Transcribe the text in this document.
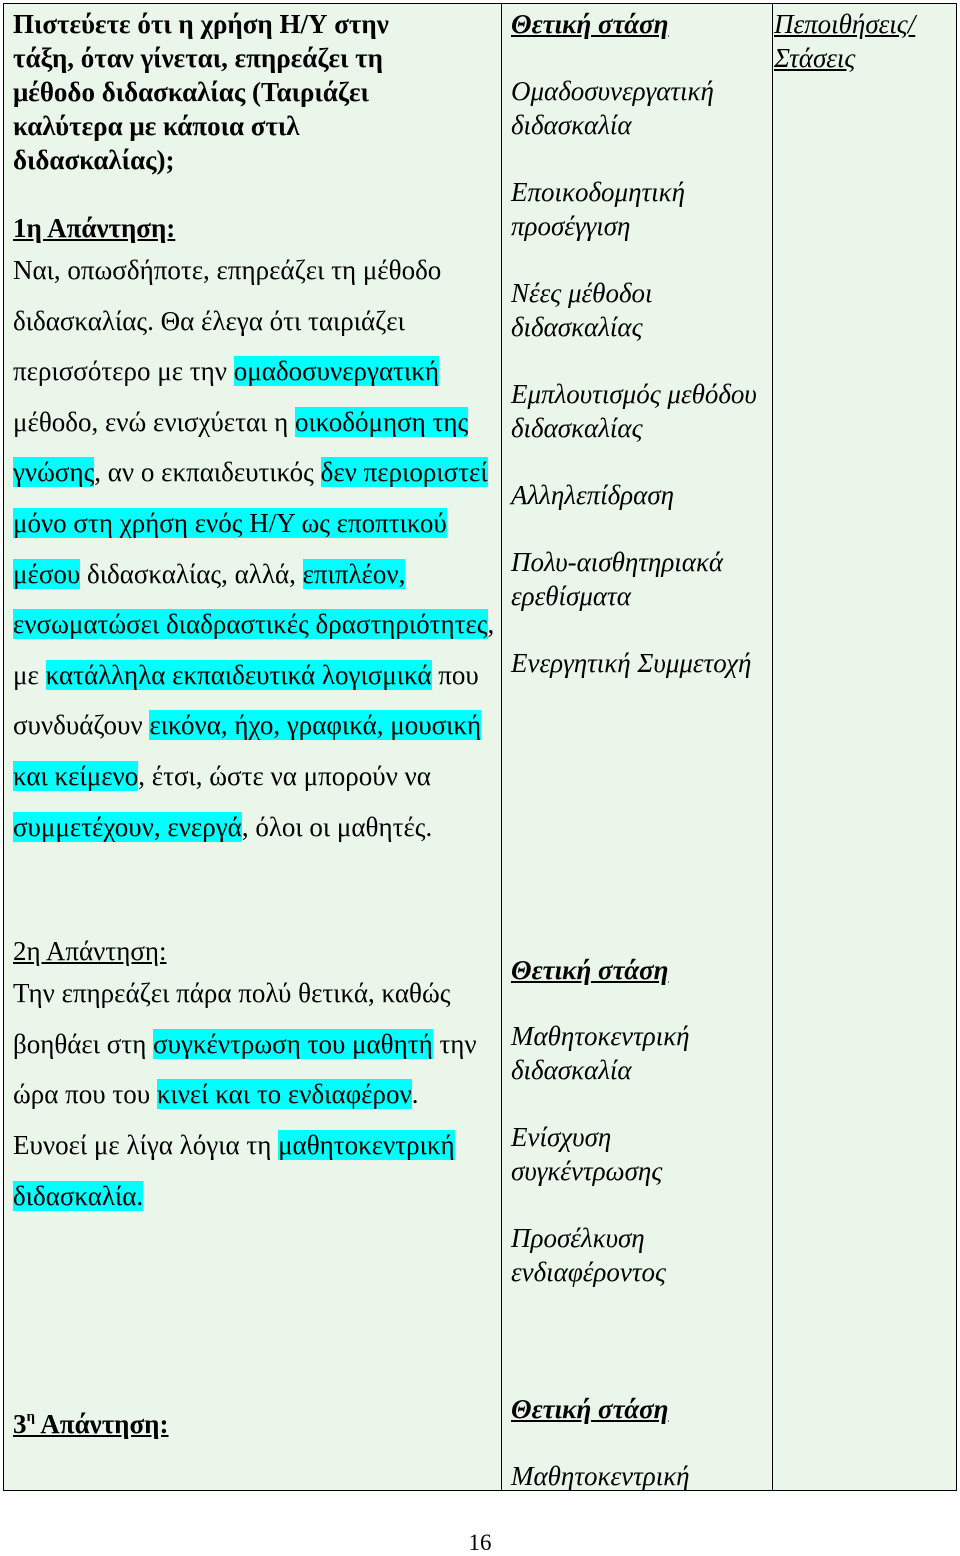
Πιστεύετε ότι η χρήση Η/Υ στην τάξη, όταν γίνεται, επηρεάζει τη μέθοδο διδασκαλίας (Ταιριάζει καλύτερα με κάποια στιλ διδασκαλίας);
1η Απάντηση:
Ναι, οπωσδήποτε, επηρεάζει τη μέθοδο διδασκαλίας. Θα έλεγα ότι ταιριάζει περισσότερο με την ομαδοσυνεργατική μέθοδο, ενώ ενισχύεται η οικοδόμηση της γνώσης, αν ο εκπαιδευτικός δεν περιοριστεί μόνο στη χρήση ενός Η/Υ ως εποπτικού μέσου διδασκαλίας, αλλά, επιπλέον, ενσωματώσει διαδραστικές δραστηριότητες, με κατάλληλα εκπαιδευτικά λογισμικά που συνδυάζουν εικόνα, ήχο, γραφικά, μουσική και κείμενο, έτσι, ώστε να μπορούν να συμμετέχουν, ενεργά, όλοι οι μαθητές.
2η Απάντηση:
Την επηρεάζει πάρα πολύ θετικά, καθώς βοηθάει στη συγκέντρωση του μαθητή την ώρα που του κινεί και το ενδιαφέρον. Ευνοεί με λίγα λόγια τη μαθητοκεντρική διδασκαλία.
$3^\eta$ Απάντηση:
Θετική στάση
Ομαδοσυνεργατική διδασκαλία
Εποικοδομητική προσέγγιση
Νέες μέθοδοι διδασκαλίας
Εμπλουτισμός μεθόδου διδασκαλίας
Αλληλεπίδραση
Πολυ-αισθητηριακά ερεθίσματα
Ενεργητική Συμμετοχή
Θετική στάση
Μαθητοκεντρική διδασκαλία
Ενίσχυση συγκέντρωσης
Προσέλκυση ενδιαφέροντος
Θετική στάση
Μαθητοκεντρική
Πεποιθήσεις/ Στάσεις
16
